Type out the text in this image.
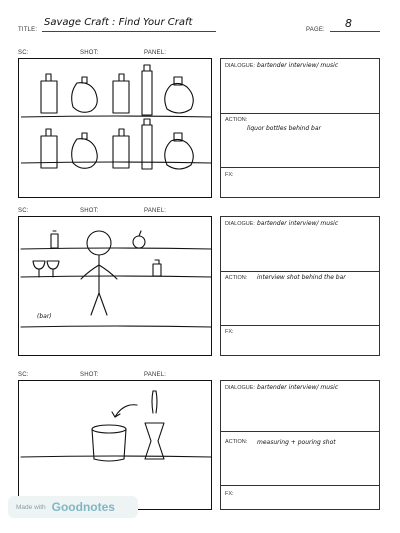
TITLE:
Savage Craft : Find Your Craft
PAGE: 8
SC:	SHOT:	PANEL:
DIALOGUE: bartender interview/ music
ACTION:
liquor bottles behind bar
FX:
SC:	SHOT:	PANEL:
(bar)
DIALOGUE: bartender interview/ music
ACTION: interview shot behind the bar
FX:
SC:	SHOT:	PANEL:
DIALOGUE: bartender interview/ music
ACTION: measuring + pouring shot
FX:
Made with Goodnotes
